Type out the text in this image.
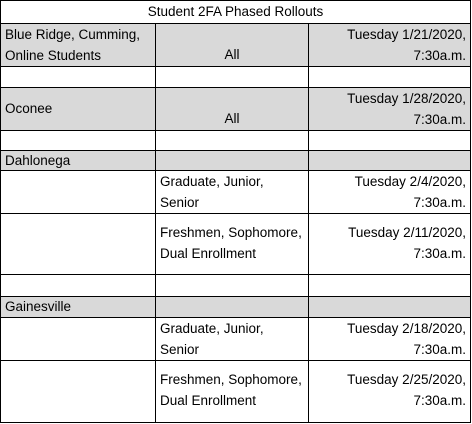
Student 2FA Phased Rollouts
Blue Ridge, Cumming,
Online Students	All
Tuesday 1/21/2020,
7:30a.m.
Oconee
All
Tuesday 1/28/2020,
7:30a.m.
Dahlonega
Graduate, Junior,
Senior
Tuesday 2/4/2020,
7:30a.m.
Freshmen, Sophomore,
Dual Enrollment
Tuesday 2/11/2020,
7:30a.m.
Gainesville
Graduate, Junior,
Senior
Tuesday 2/18/2020,
7:30a.m.
Freshmen, Sophomore,
Dual Enrollment
Tuesday 2/25/2020,
7:30a.m.
